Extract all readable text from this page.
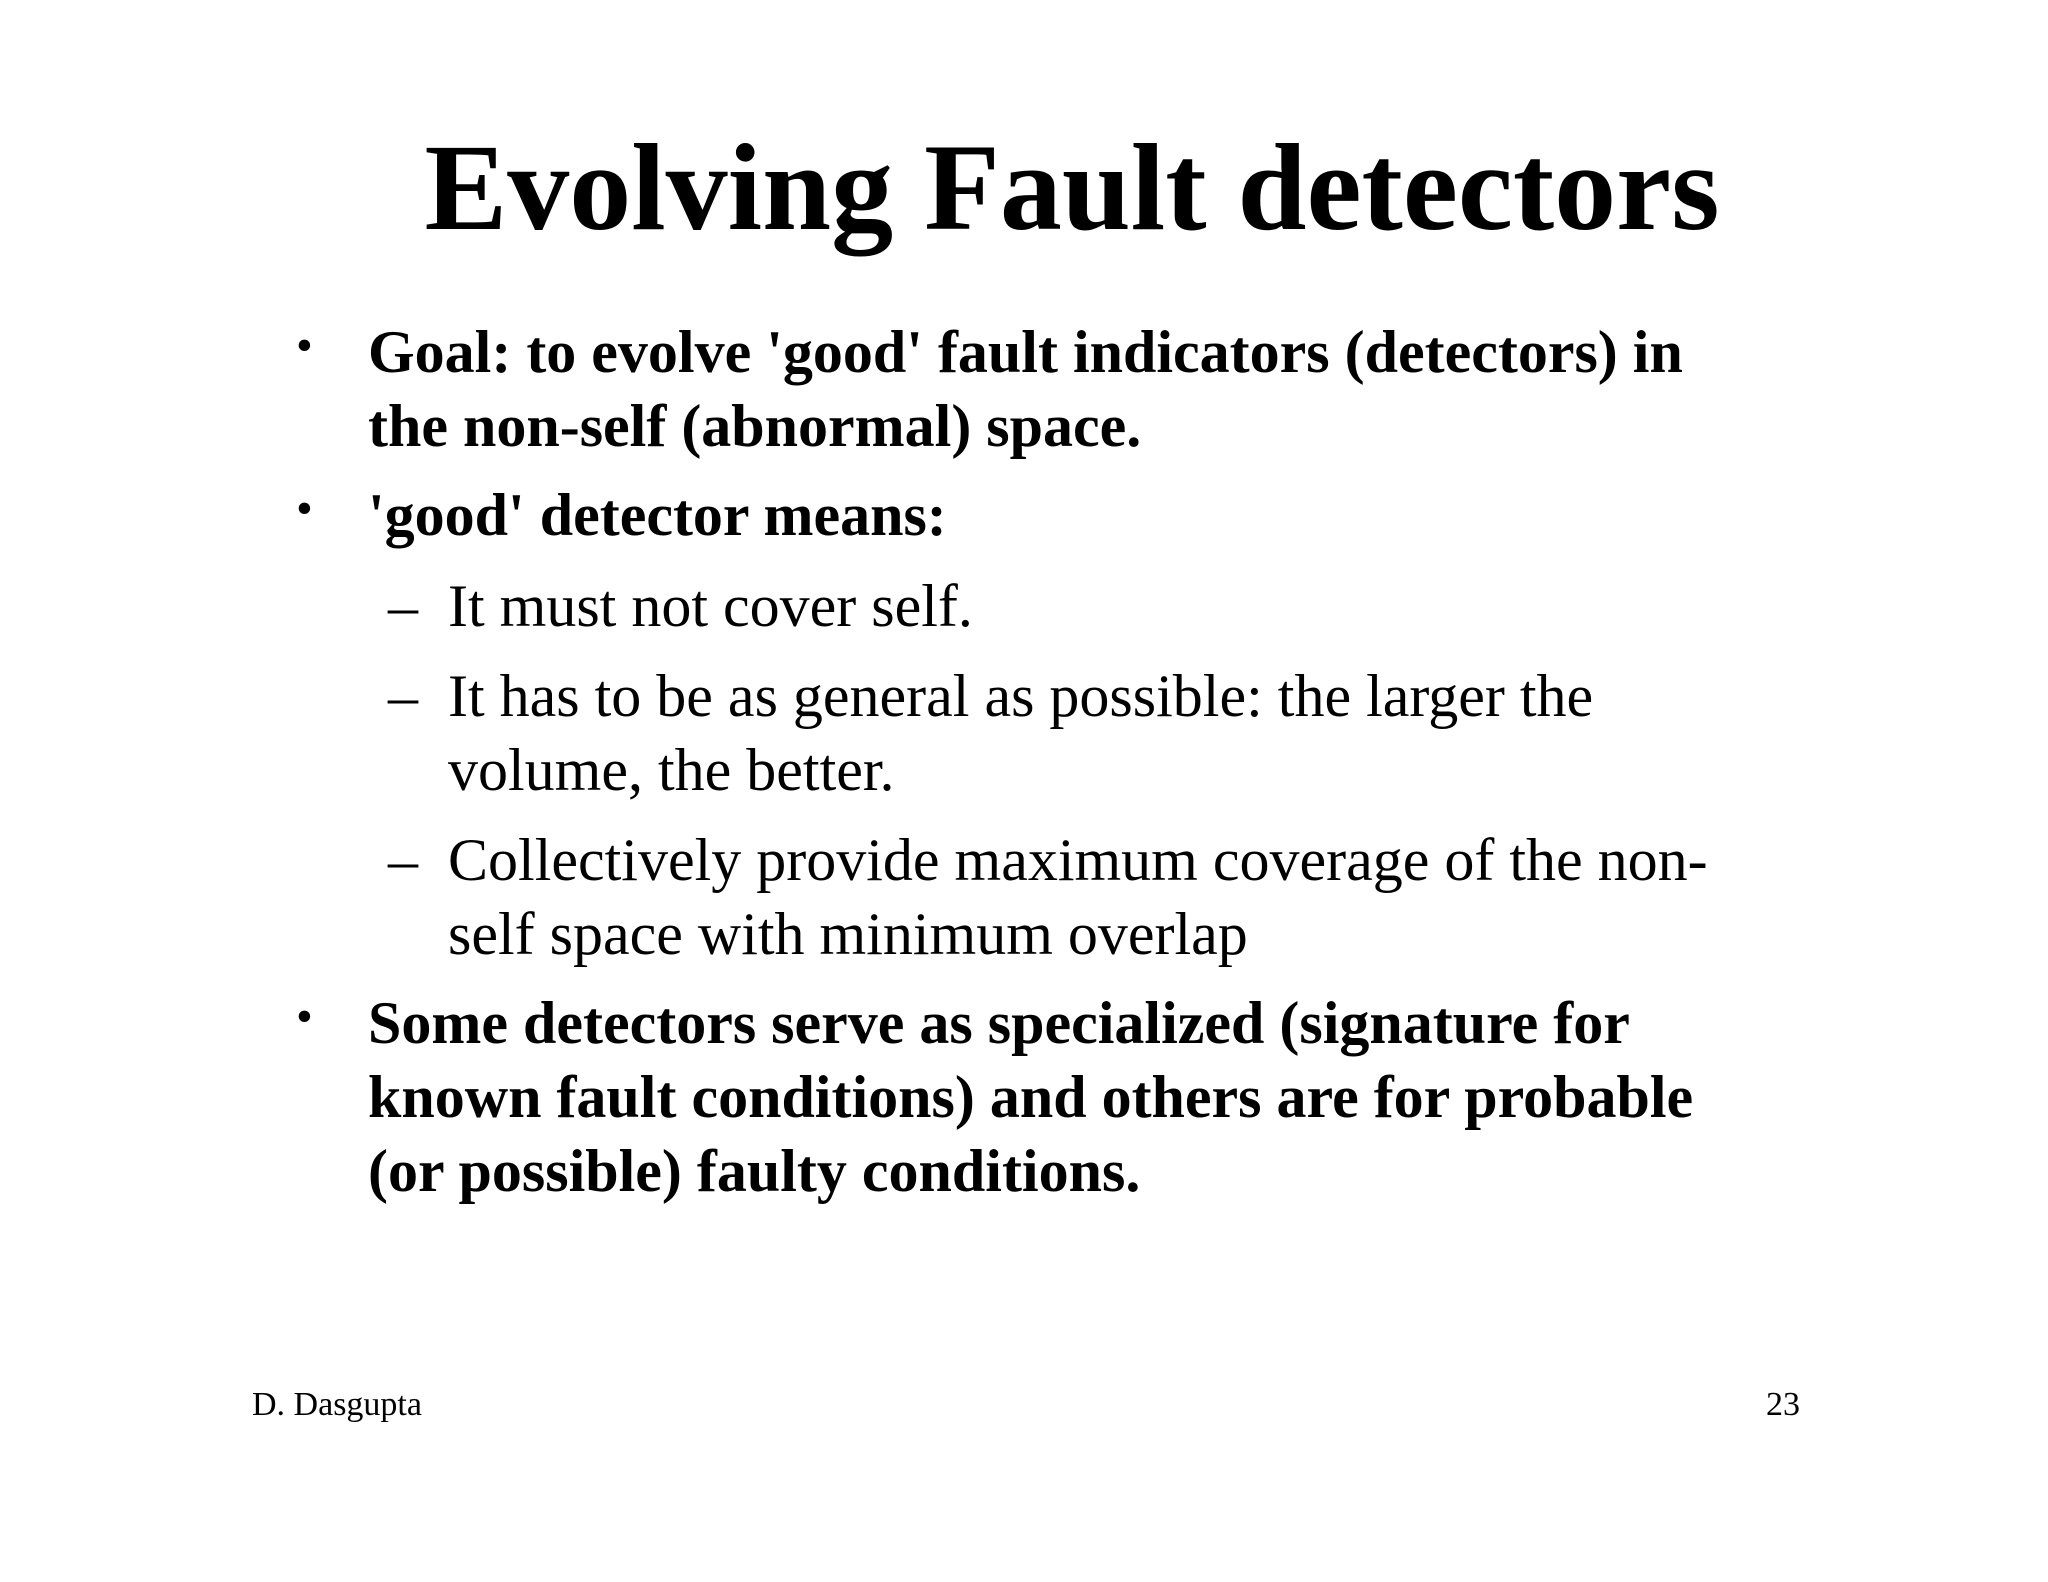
Evolving Fault detectors
• Goal: to evolve 'good' fault indicators (detectors) in

the non-self (abnormal) space.

• 'good' detector means:

– It must not cover self.

– It has to be as general as possible: the larger the

volume, the better.

– Collectively provide maximum coverage of the non-

self space with minimum overlap

• Some detectors serve as specialized (signature for

known fault conditions) and others are for probable

(or possible) faulty conditions.

D. Dasgupta	23
